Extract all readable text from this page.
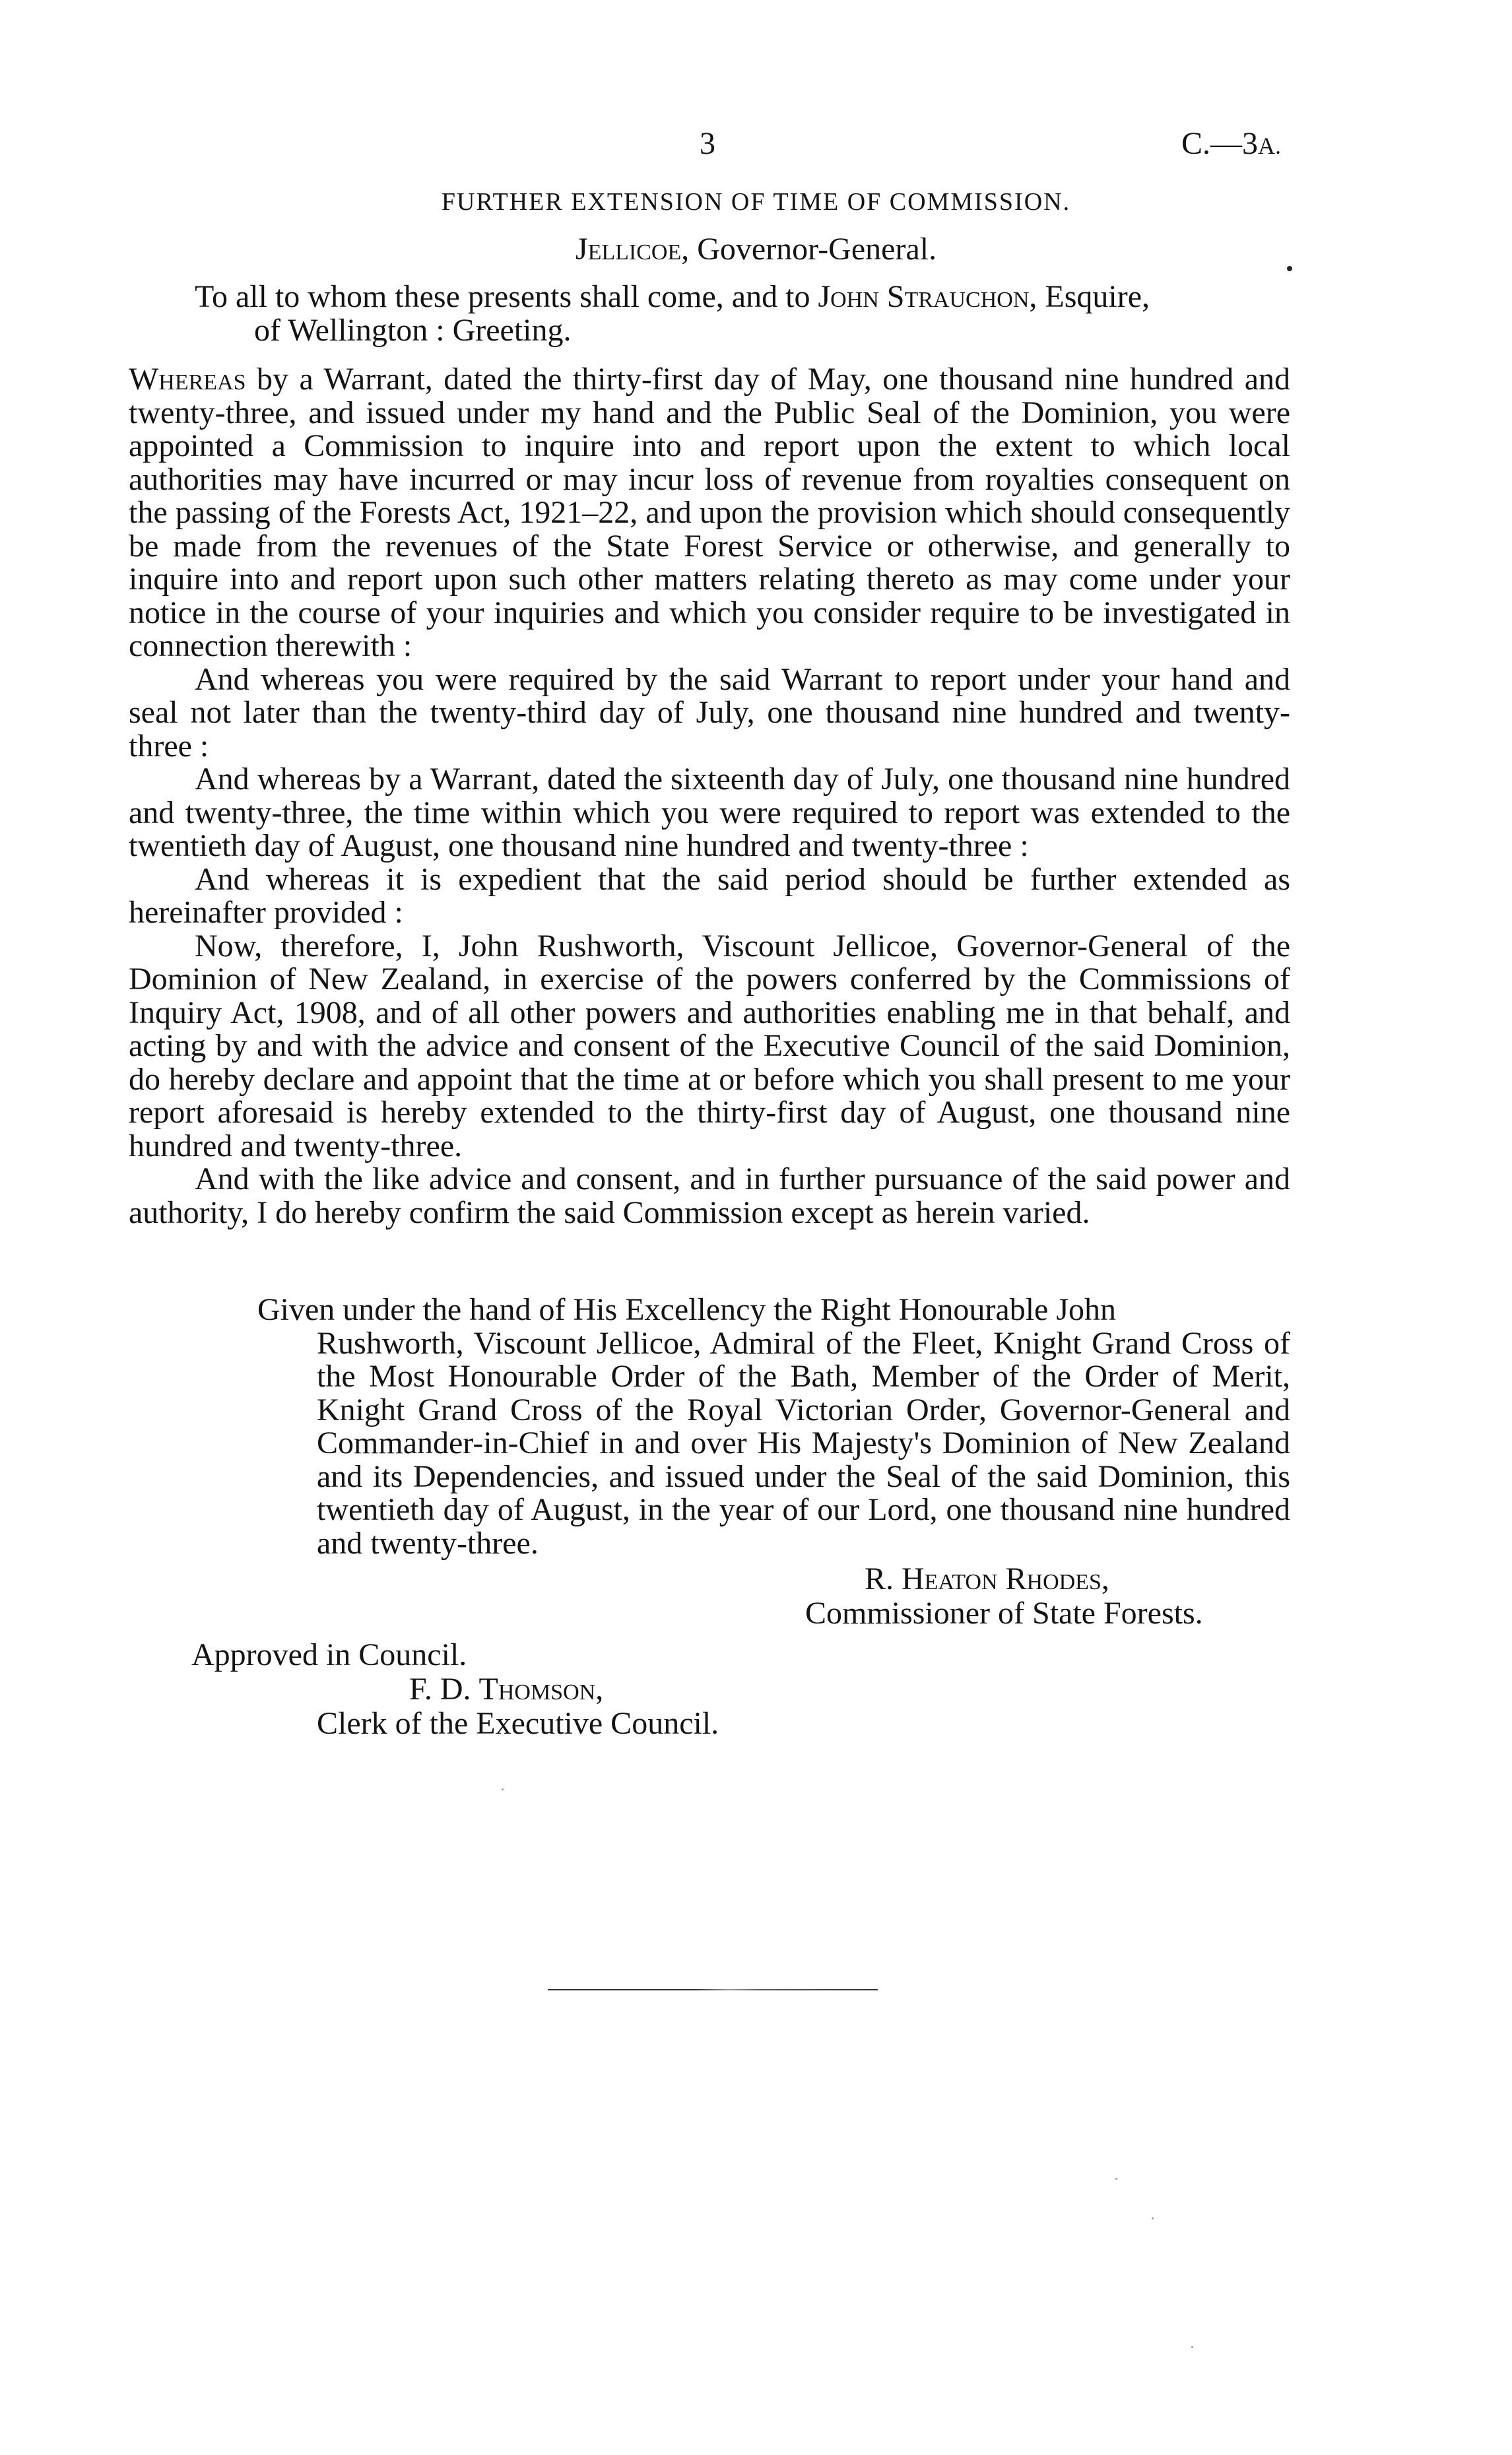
3	C.—3A.
FURTHER EXTENSION OF TIME OF COMMISSION.
Jellicoe, Governor-General.
To all to whom these presents shall come, and to John Strauchon, Esquire,
of Wellington : Greeting.

Whereas by a Warrant, dated the thirty-first day of May, one thousand nine hundred and twenty-three, and issued under my hand and the Public Seal of the Dominion, you were appointed a Commission to inquire into and report upon the extent to which local authorities may have incurred or may incur loss of revenue from royalties consequent on the passing of the Forests Act, 1921–22, and upon the provision which should consequently be made from the revenues of the State Forest Service or otherwise, and generally to inquire into and report upon such other matters relating thereto as may come under your notice in the course of your inquiries and which you consider require to be investigated in connection therewith :

And whereas you were required by the said Warrant to report under your hand and seal not later than the twenty-third day of July, one thousand nine hundred and twenty-three :

And whereas by a Warrant, dated the sixteenth day of July, one thousand nine hundred and twenty-three, the time within which you were required to report was extended to the twentieth day of August, one thousand nine hundred and twenty-three :

And whereas it is expedient that the said period should be further extended as hereinafter provided :

Now, therefore, I, John Rushworth, Viscount Jellicoe, Governor-General of the Dominion of New Zealand, in exercise of the powers conferred by the Commissions of Inquiry Act, 1908, and of all other powers and authorities enabling me in that behalf, and acting by and with the advice and consent of the Executive Council of the said Dominion, do hereby declare and appoint that the time at or before which you shall present to me your report aforesaid is hereby extended to the thirty-first day of August, one thousand nine hundred and twenty-three.

And with the like advice and consent, and in further pursuance of the said power and authority, I do hereby confirm the said Commission except as herein varied.

Given under the hand of His Excellency the Right Honourable John
Rushworth, Viscount Jellicoe, Admiral of the Fleet, Knight Grand Cross of the Most Honourable Order of the Bath, Member of the Order of Merit, Knight Grand Cross of the Royal Victorian Order, Governor-General and Commander-in-Chief in and over His Majesty's Dominion of New Zealand and its Dependencies, and issued under the Seal of the said Dominion, this twentieth day of August, in the year of our Lord, one thousand nine hundred and twenty-three.
R. Heaton Rhodes,
Commissioner of State Forests.
Approved in Council.
F. D. Thomson,
Clerk of the Executive Council.
